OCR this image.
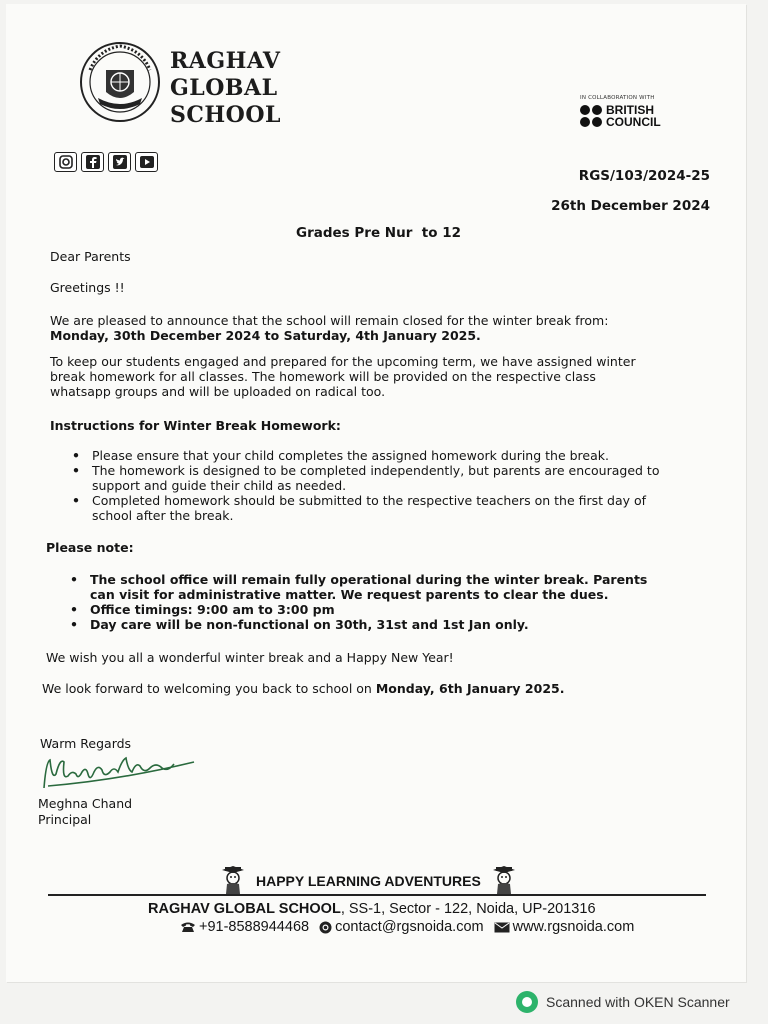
RAGHAV
GLOBAL
SCHOOL
IN COLLABORATION WITH
BRITISH
COUNCIL
RGS/103/2024-25
26th December 2024
Grades Pre Nur  to 12
Dear Parents
Greetings !!
We are pleased to announce that the school will remain closed for the winter break from:
Monday, 30th December 2024 to Saturday, 4th January 2025.
To keep our students engaged and prepared for the upcoming term, we have assigned winter
break homework for all classes. The homework will be provided on the respective class
whatsapp groups and will be uploaded on radical too.
Instructions for Winter Break Homework:
• Please ensure that your child completes the assigned homework during the break.
• The homework is designed to be completed independently, but parents are encouraged to
support and guide their child as needed.
• Completed homework should be submitted to the respective teachers on the first day of
school after the break.
Please note:
• The school office will remain fully operational during the winter break. Parents
can visit for administrative matter. We request parents to clear the dues.
• Office timings: 9:00 am to 3:00 pm
• Day care will be non-functional on 30th, 31st and 1st Jan only.
We wish you all a wonderful winter break and a Happy New Year!
We look forward to welcoming you back to school on Monday, 6th January 2025.
Warm Regards
Meghna Chand
Principal
HAPPY LEARNING ADVENTURES
RAGHAV GLOBAL SCHOOL, SS-1, Sector - 122, Noida, UP-201316
+91-8588944468 contact@rgsnoida.com www.rgsnoida.com
Scanned with OKEN Scanner
